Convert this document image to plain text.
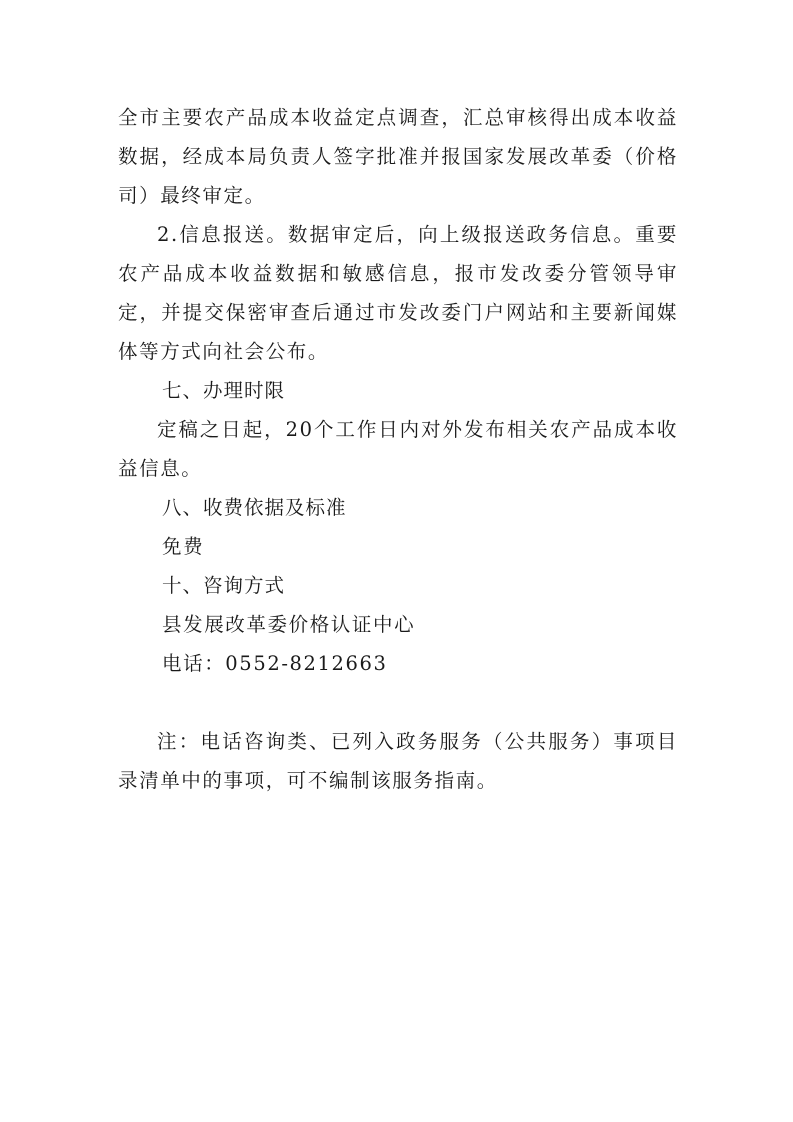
全市主要农产品成本收益定点调查，汇总审核得出成本收益数据，经成本局负责人签字批准并报国家发展改革委（价格司）最终审定。

2.信息报送。数据审定后，向上级报送政务信息。重要农产品成本收益数据和敏感信息，报市发改委分管领导审定，并提交保密审查后通过市发改委门户网站和主要新闻媒体等方式向社会公布。

七、办理时限

定稿之日起，20个工作日内对外发布相关农产品成本收益信息。

八、收费依据及标准

免费

十、咨询方式

县发展改革委价格认证中心

电话：0552-8212663

注：电话咨询类、已列入政务服务（公共服务）事项目录清单中的事项，可不编制该服务指南。
